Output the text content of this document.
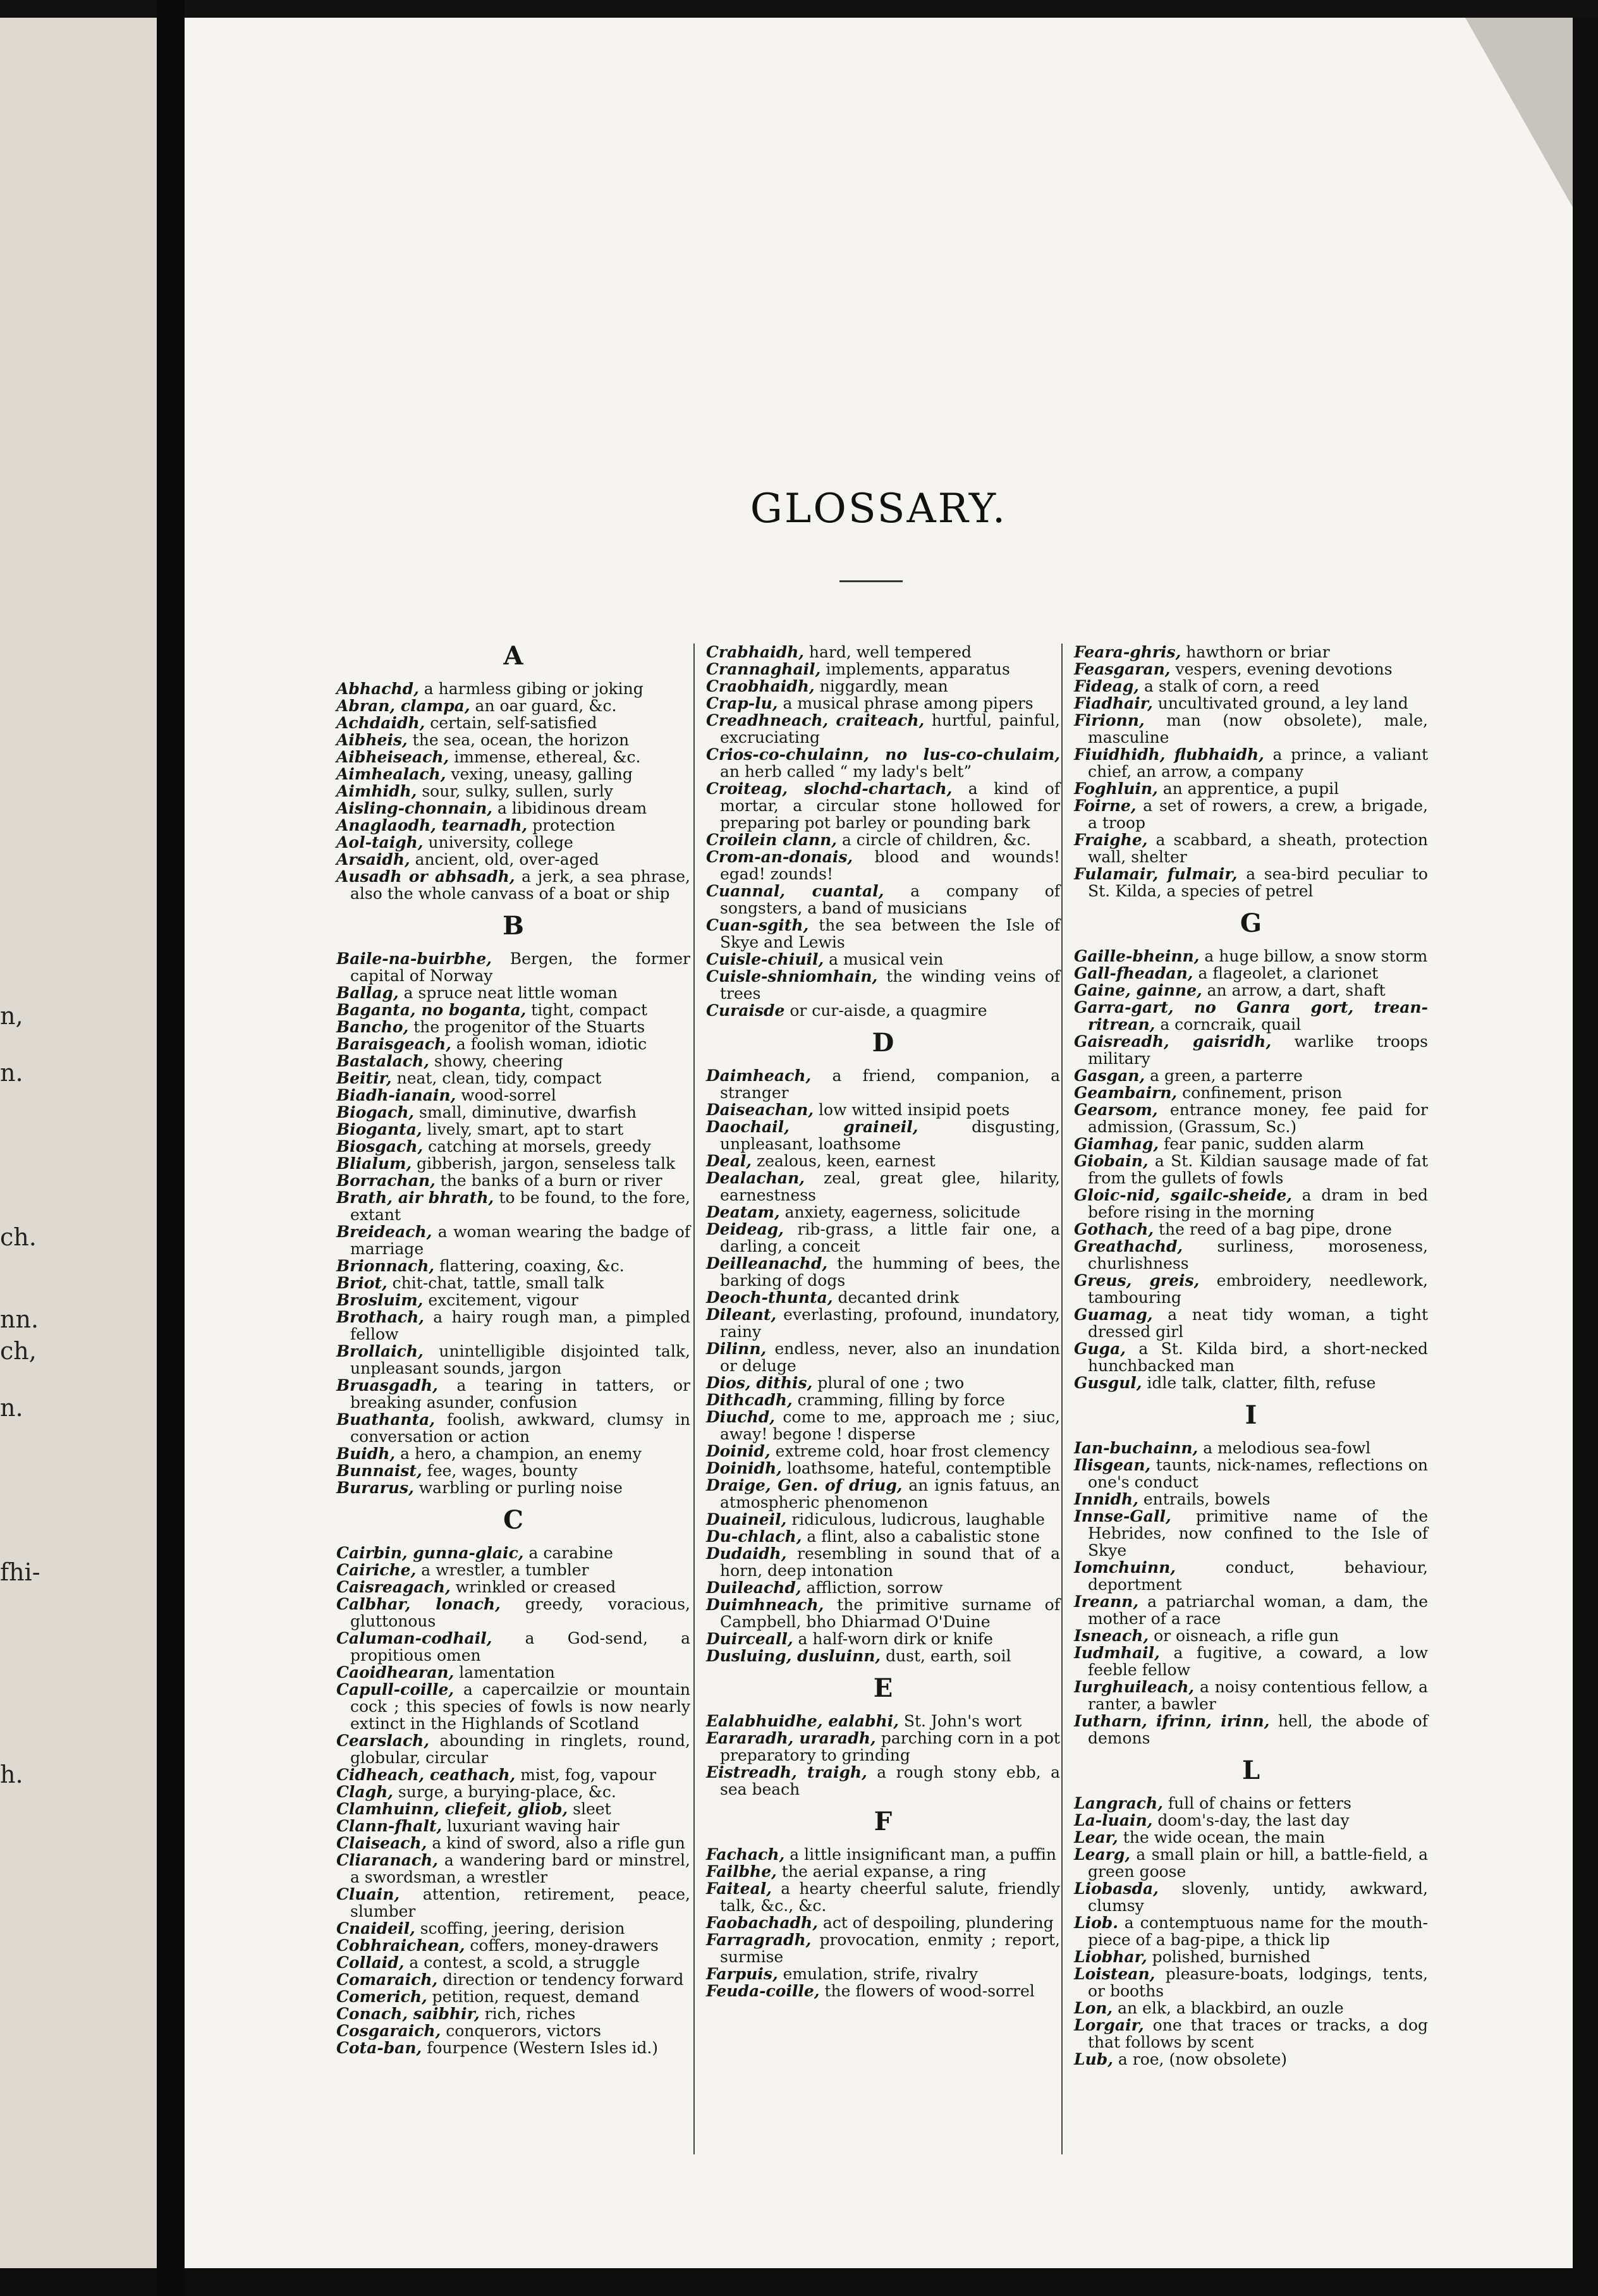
n,
n.
ch.
nn.
ch,
n.
fhi-
h.
GLOSSARY.
A

Abhachd, a harmless gibing or joking

Abran, clampa, an oar guard, &c.

Achdaidh, certain, self-satisfied

Aibheis, the sea, ocean, the horizon

Aibheiseach, immense, ethereal, &c.

Aimhealach, vexing, uneasy, galling

Aimhidh, sour, sulky, sullen, surly

Aisling-chonnain, a libidinous dream

Anaglaodh, tearnadh, protection

Aol-taigh, university, college

Arsaidh, ancient, old, over-aged

Ausadh or abhsadh, a jerk, a sea phrase, also the whole canvass of a boat or ship

B

Baile-na-buirbhe, Bergen, the former capital of Norway

Ballag, a spruce neat little woman

Baganta, no boganta, tight, compact

Bancho, the progenitor of the Stuarts

Baraisgeach, a foolish woman, idiotic

Bastalach, showy, cheering

Beitir, neat, clean, tidy, compact

Biadh-ianain, wood-sorrel

Biogach, small, diminutive, dwarfish

Bioganta, lively, smart, apt to start

Biosgach, catching at morsels, greedy

Blialum, gibberish, jargon, senseless talk

Borrachan, the banks of a burn or river

Brath, air bhrath, to be found, to the fore, extant

Breideach, a woman wearing the badge of marriage

Brionnach, flattering, coaxing, &c.

Briot, chit-chat, tattle, small talk

Brosluim, excitement, vigour

Brothach, a hairy rough man, a pimpled fellow

Brollaich, unintelligible disjointed talk, unpleasant sounds, jargon

Bruasgadh, a tearing in tatters, or breaking asunder, confusion

Buathanta, foolish, awkward, clumsy in conversation or action

Buidh, a hero, a champion, an enemy

Bunnaist, fee, wages, bounty

Burarus, warbling or purling noise

C

Cairbin, gunna-glaic, a carabine

Cairiche, a wrestler, a tumbler

Caisreagach, wrinkled or creased

Calbhar, lonach, greedy, voracious, gluttonous

Caluman-codhail, a God-send, a propitious omen

Caoidhearan, lamentation

Capull-coille, a capercailzie or mountain cock ; this species of fowls is now nearly extinct in the Highlands of Scotland

Cearslach, abounding in ringlets, round, globular, circular

Cidheach, ceathach, mist, fog, vapour

Clagh, surge, a burying-place, &c.

Clamhuinn, cliefeit, gliob, sleet

Clann-fhalt, luxuriant waving hair

Claiseach, a kind of sword, also a rifle gun

Cliaranach, a wandering bard or minstrel, a swordsman, a wrestler

Cluain, attention, retirement, peace, slumber

Cnaideil, scoffing, jeering, derision

Cobhraichean, coffers, money-drawers

Collaid, a contest, a scold, a struggle

Comaraich, direction or tendency forward

Comerich, petition, request, demand

Conach, saibhir, rich, riches

Cosgaraich, conquerors, victors

Cota-ban, fourpence (Western Isles id.)

Crabhaidh, hard, well tempered

Crannaghail, implements, apparatus

Craobhaidh, niggardly, mean

Crap-lu, a musical phrase among pipers

Creadhneach, craiteach, hurtful, painful, excruciating

Crios-co-chulainn, no lus-co-chulaim, an herb called “ my lady's belt”

Croiteag, slochd-chartach, a kind of mortar, a circular stone hollowed for preparing pot barley or pounding bark

Croilein clann, a circle of children, &c.

Crom-an-donais, blood and wounds! egad! zounds!

Cuannal, cuantal, a company of songsters, a band of musicians

Cuan-sgith, the sea between the Isle of Skye and Lewis

Cuisle-chiuil, a musical vein

Cuisle-shniomhain, the winding veins of trees

Curaisde or cur-aisde, a quagmire

D

Daimheach, a friend, companion, a stranger

Daiseachan, low witted insipid poets

Daochail, graineil, disgusting, unpleasant, loathsome

Deal, zealous, keen, earnest

Dealachan, zeal, great glee, hilarity, earnestness

Deatam, anxiety, eagerness, solicitude

Deideag, rib-grass, a little fair one, a darling, a conceit

Deilleanachd, the humming of bees, the barking of dogs

Deoch-thunta, decanted drink

Dileant, everlasting, profound, inundatory, rainy

Dilinn, endless, never, also an inundation or deluge

Dios, dithis, plural of one ; two

Dithcadh, cramming, filling by force

Diuchd, come to me, approach me ; siuc, away! begone ! disperse

Doinid, extreme cold, hoar frost clemency

Doinidh, loathsome, hateful, contemptible

Draige, Gen. of driug, an ignis fatuus, an atmospheric phenomenon

Duaineil, ridiculous, ludicrous, laughable

Du-chlach, a flint, also a cabalistic stone

Dudaidh, resembling in sound that of a horn, deep intonation

Duileachd, affliction, sorrow

Duimhneach, the primitive surname of Campbell, bho Dhiarmad O'Duine

Duirceall, a half-worn dirk or knife

Dusluing, dusluinn, dust, earth, soil

E

Ealabhuidhe, ealabhi, St. John's wort

Eararadh, uraradh, parching corn in a pot preparatory to grinding

Eistreadh, traigh, a rough stony ebb, a sea beach

F

Fachach, a little insignificant man, a puffin

Failbhe, the aerial expanse, a ring

Faiteal, a hearty cheerful salute, friendly talk, &c., &c.

Faobachadh, act of despoiling, plundering

Farragradh, provocation, enmity ; report, surmise

Farpuis, emulation, strife, rivalry

Feuda-coille, the flowers of wood-sorrel

Feara-ghris, hawthorn or briar

Feasgaran, vespers, evening devotions

Fideag, a stalk of corn, a reed

Fiadhair, uncultivated ground, a ley land

Firionn, man (now obsolete), male, masculine

Fiuidhidh, flubhaidh, a prince, a valiant chief, an arrow, a company

Foghluin, an apprentice, a pupil

Foirne, a set of rowers, a crew, a brigade, a troop

Fraighe, a scabbard, a sheath, protection wall, shelter

Fulamair, fulmair, a sea-bird peculiar to St. Kilda, a species of petrel

G

Gaille-bheinn, a huge billow, a snow storm

Gall-fheadan, a flageolet, a clarionet

Gaine, gainne, an arrow, a dart, shaft

Garra-gart, no Ganra gort, trean-ritrean, a corncraik, quail

Gaisreadh, gaisridh, warlike troops military

Gasgan, a green, a parterre

Geambairn, confinement, prison

Gearsom, entrance money, fee paid for admission, (Grassum, Sc.)

Giamhag, fear panic, sudden alarm

Giobain, a St. Kildian sausage made of fat from the gullets of fowls

Gloic-nid, sgailc-sheide, a dram in bed before rising in the morning

Gothach, the reed of a bag pipe, drone

Greathachd, surliness, moroseness, churlishness

Greus, greis, embroidery, needlework, tambouring

Guamag, a neat tidy woman, a tight dressed girl

Guga, a St. Kilda bird, a short-necked hunchbacked man

Gusgul, idle talk, clatter, filth, refuse

I

Ian-buchainn, a melodious sea-fowl

Ilisgean, taunts, nick-names, reflections on one's conduct

Innidh, entrails, bowels

Innse-Gall, primitive name of the Hebrides, now confined to the Isle of Skye

Iomchuinn, conduct, behaviour, deportment

Ireann, a patriarchal woman, a dam, the mother of a race

Isneach, or oisneach, a rifle gun

Iudmhail, a fugitive, a coward, a low feeble fellow

Iurghuileach, a noisy contentious fellow, a ranter, a bawler

Iutharn, ifrinn, irinn, hell, the abode of demons

L

Langrach, full of chains or fetters

La-luain, doom's-day, the last day

Lear, the wide ocean, the main

Learg, a small plain or hill, a battle-field, a green goose

Liobasda, slovenly, untidy, awkward, clumsy

Liob. a contemptuous name for the mouth-piece of a bag-pipe, a thick lip

Liobhar, polished, burnished

Loistean, pleasure-boats, lodgings, tents, or booths

Lon, an elk, a blackbird, an ouzle

Lorgair, one that traces or tracks, a dog that follows by scent

Lub, a roe, (now obsolete)
